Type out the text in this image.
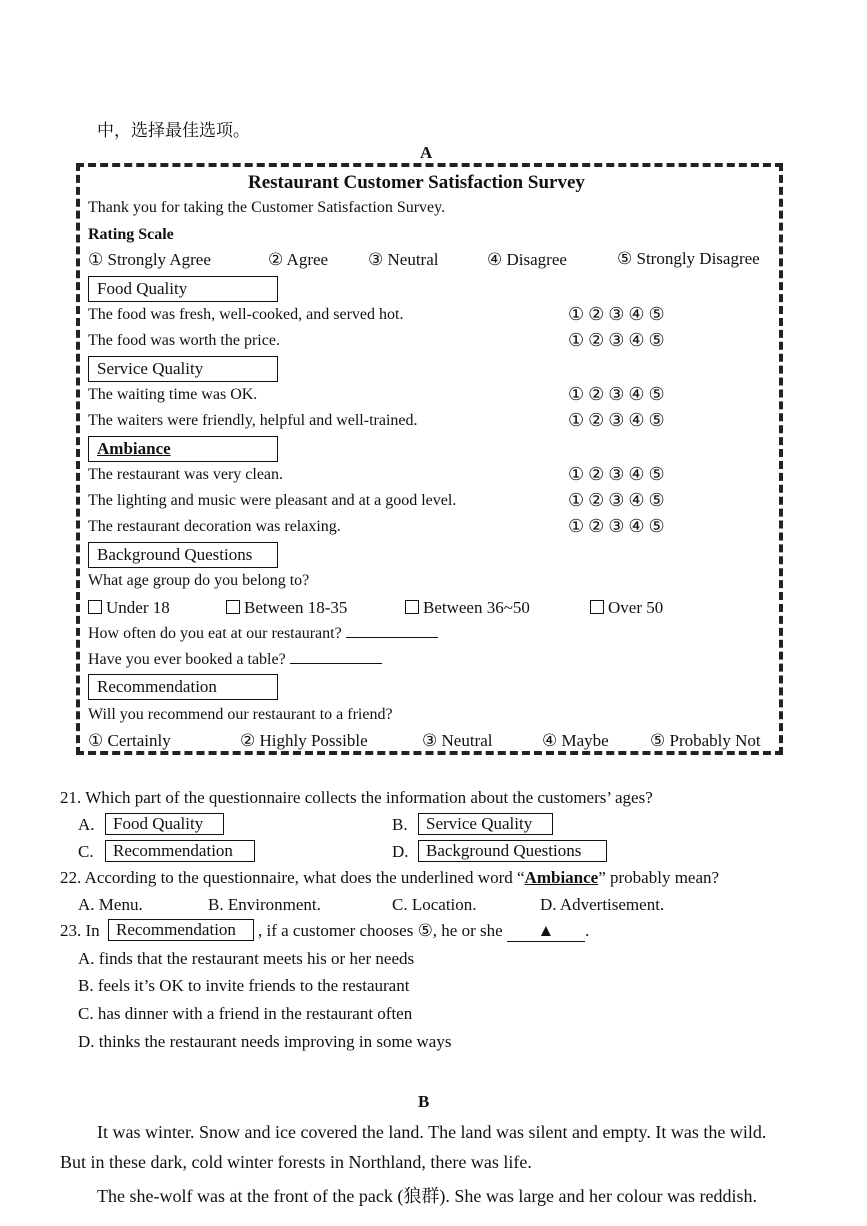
中，选择最佳选项。
A
Restaurant Customer Satisfaction Survey
Thank you for taking the Customer Satisfaction Survey.
Rating Scale
① Strongly Agree	② Agree ③ Neutral	④ Disagree	⑤ Strongly Disagree
Food Quality
The food was fresh, well-cooked, and served hot.	①②③④⑤
The food was worth the price.	①②③④⑤
Service Quality
The waiting time was OK.	①②③④⑤
The waiters were friendly, helpful and well-trained.	①②③④⑤
Ambiance
The restaurant was very clean.	①②③④⑤
The lighting and music were pleasant and at a good level.	①②③④⑤
The restaurant decoration was relaxing.	①②③④⑤
Background Questions
What age group do you belong to?
Under 18	Between 18-35	Between 36~50	Over 50
How often do you eat at our restaurant?
Have you ever booked a table?
Recommendation
Will you recommend our restaurant to a friend?
① Certainly	② Highly Possible	③ Neutral	④ Maybe ⑤ Probably Not
21. Which part of the questionnaire collects the information about the customers’ ages?
A.	Food Quality	B.	Service Quality
C.	Recommendation	D.	Background Questions
22. According to the questionnaire, what does the underlined word “Ambiance” probably mean?
A. Menu.	B. Environment.	C. Location.	D. Advertisement.
23. In Recommendation	, if a customer chooses ⑤, he or she ▲ .
A. finds that the restaurant meets his or her needs
B. feels it’s OK to invite friends to the restaurant
C. has dinner with a friend in the restaurant often
D. thinks the restaurant needs improving in some ways
B
It was winter. Snow and ice covered the land. The land was silent and empty. It was the wild.
But in these dark, cold winter forests in Northland, there was life.
The she-wolf was at the front of the pack (狼群). She was large and her colour was reddish.
